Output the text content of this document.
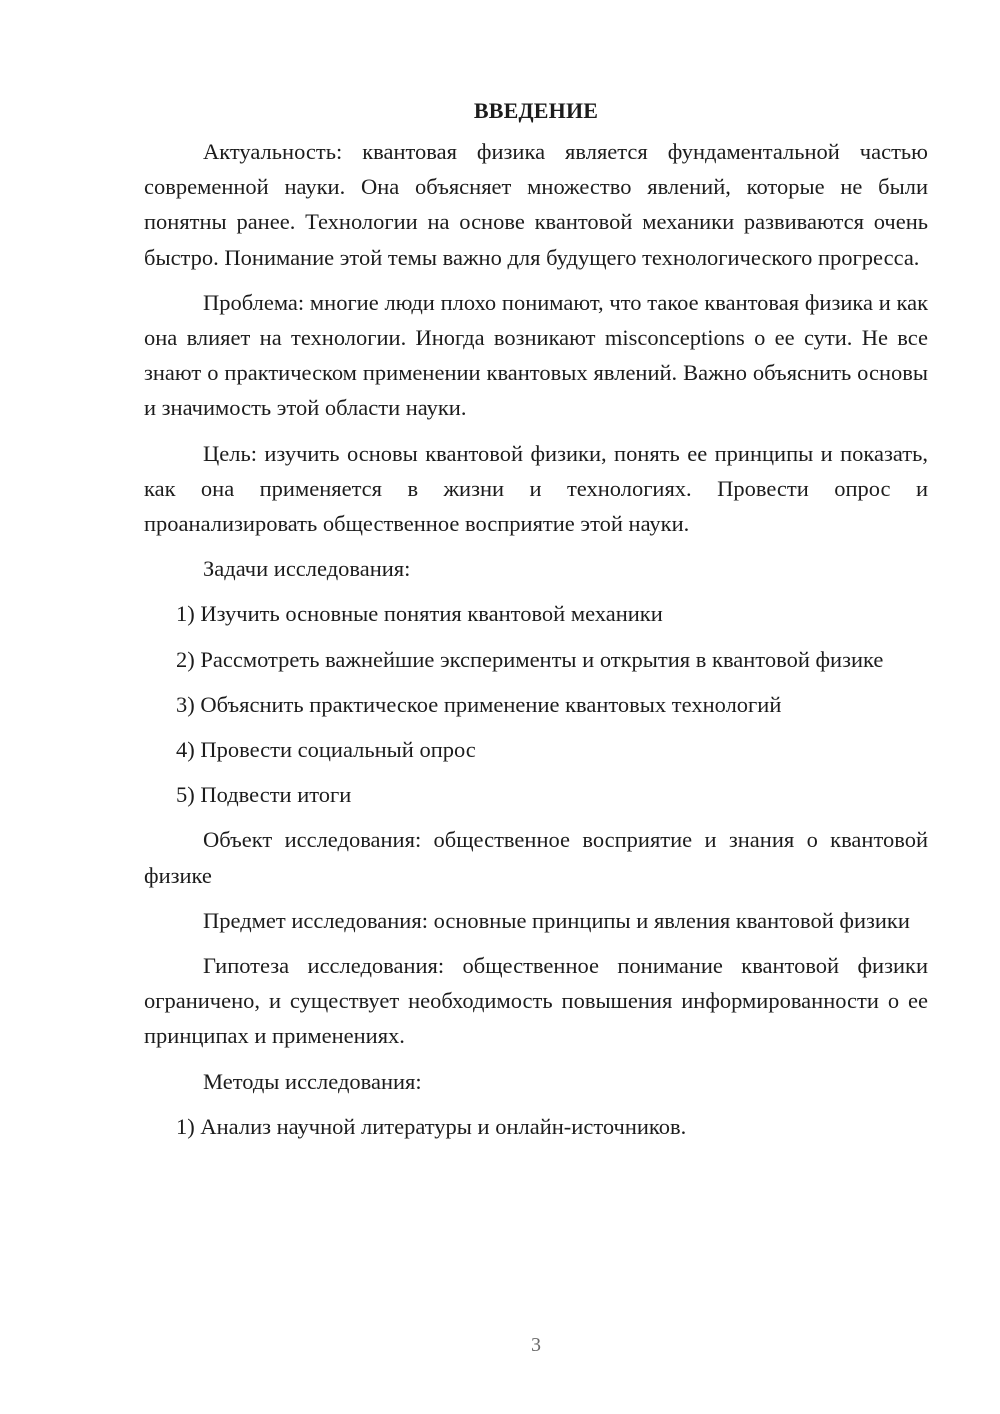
ВВЕДЕНИЕ

Актуальность: квантовая физика является фундаментальной частью современной науки. Она объясняет множество явлений, которые не были понятны ранее. Технологии на основе квантовой механики развиваются очень быстро. Понимание этой темы важно для будущего технологического прогресса.

Проблема: многие люди плохо понимают, что такое квантовая физика и как она влияет на технологии. Иногда возникают misconceptions о ее сути. Не все знают о практическом применении квантовых явлений. Важно объяснить основы и значимость этой области науки.

Цель: изучить основы квантовой физики, понять ее принципы и показать, как она применяется в жизни и технологиях. Провести опрос и проанализировать общественное восприятие этой науки.

Задачи исследования:

1) Изучить основные понятия квантовой механики

2) Рассмотреть важнейшие эксперименты и открытия в квантовой физике

3) Объяснить практическое применение квантовых технологий

4) Провести социальный опрос

5) Подвести итоги

Объект исследования: общественное восприятие и знания о квантовой физике

Предмет исследования: основные принципы и явления квантовой физики

Гипотеза исследования: общественное понимание квантовой физики ограничено, и существует необходимость повышения информированности о ее принципах и применениях.

Методы исследования:

1) Анализ научной литературы и онлайн-источников.

3
